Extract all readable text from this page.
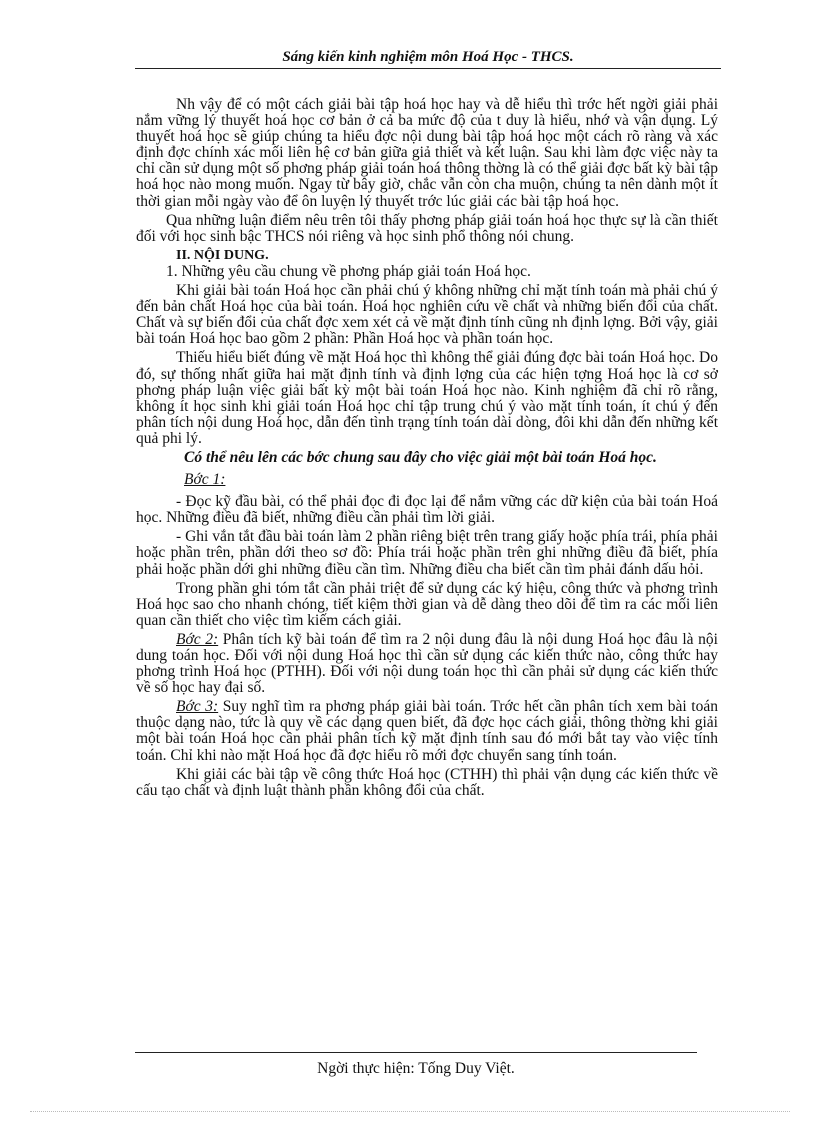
Sáng kiến kinh nghiệm môn Hoá Học - THCS.

Nh vậy để có một cách giải bài tập hoá học hay và dễ hiểu thì trớc hết ngời giải phải nắm vững lý thuyết hoá học cơ bản ở cả ba mức độ của t duy là hiểu, nhớ và vận dụng. Lý thuyết hoá học sẽ giúp chúng ta hiểu đợc nội dung bài tập hoá học một cách rõ ràng và xác định đợc chính xác mối liên hệ cơ bản giữa giả thiết và kết luận. Sau khi làm đợc việc này ta chỉ cần sử dụng một số phơng pháp giải toán hoá thông thờng là có thể giải đợc bất kỳ bài tập hoá học nào mong muốn. Ngay từ bây giờ, chắc vẫn còn cha muộn, chúng ta nên dành một ít thời gian mỗi ngày vào để ôn luyện lý thuyết trớc lúc giải các bài tập hoá học.

Qua những luận điểm nêu trên tôi thấy phơng pháp giải toán hoá học thực sự là cần thiết đối với học sinh bậc THCS nói riêng và học sinh phổ thông nói chung.

II. NỘI DUNG.

1. Những yêu cầu chung về phơng pháp giải toán Hoá học.

Khi giải bài toán Hoá học cần phải chú ý không những chỉ mặt tính toán mà phải chú ý đến bản chất Hoá học của bài toán. Hoá học nghiên cứu về chất và những biến đổi của chất. Chất và sự biến đổi của chất đợc xem xét cả về mặt định tính cũng nh định lợng. Bởi vậy, giải bài toán Hoá học bao gồm 2 phần: Phần Hoá học và phần toán học.

Thiếu hiểu biết đúng về mặt Hoá học thì không thể giải đúng đợc bài toán Hoá học. Do đó, sự thống nhất giữa hai mặt định tính và định lợng của các hiện tợng Hoá học là cơ sở phơng pháp luận việc giải bất kỳ một bài toán Hoá học nào. Kinh nghiệm đã chỉ rõ rằng, không ít học sinh khi giải toán Hoá học chỉ tập trung chú ý vào mặt tính toán, ít chú ý đến phân tích nội dung Hoá học, dẫn đến tình trạng tính toán dài dòng, đôi khi dẫn đến những kết quả phi lý.

Có thể nêu lên các bớc chung sau đây cho việc giải một bài toán Hoá học.

Bớc 1:

- Đọc kỹ đầu bài, có thể phải đọc đi đọc lại để nắm vững các dữ kiện của bài toán Hoá học. Những điều đã biết, những điều cần phải tìm lời giải.

- Ghi vắn tắt đầu bài toán làm 2 phần riêng biệt trên trang giấy hoặc phía trái, phía phải hoặc phần trên, phần dới theo sơ đồ: Phía trái hoặc phần trên ghi những điều đã biết, phía phải hoặc phần dới ghi những điều cần tìm. Những điều cha biết cần tìm phải đánh dấu hỏi.

Trong phần ghi tóm tắt cần phải triệt để sử dụng các ký hiệu, công thức và phơng trình Hoá học sao cho nhanh chóng, tiết kiệm thời gian và dễ dàng theo dõi để tìm ra các mối liên quan cần thiết cho việc tìm kiếm cách giải.

Bớc 2: Phân tích kỹ bài toán để tìm ra 2 nội dung đâu là nội dung Hoá học đâu là nội dung toán học. Đối với nội dung Hoá học thì cần sử dụng các kiến thức nào, công thức hay phơng trình Hoá học (PTHH). Đối với nội dung toán học thì cần phải sử dụng các kiến thức về số học hay đại số.

Bớc 3: Suy nghĩ tìm ra phơng pháp giải bài toán. Trớc hết cần phân tích xem bài toán thuộc dạng nào, tức là quy về các dạng quen biết, đã đợc học cách giải, thông thờng khi giải một bài toán Hoá học cần phải phân tích kỹ mặt định tính sau đó mới bắt tay vào việc tính toán. Chỉ khi nào mặt Hoá học đã đợc hiểu rõ mới đợc chuyển sang tính toán.

Khi giải các bài tập về công thức Hoá học (CTHH) thì phải vận dụng các kiến thức về cấu tạo chất và định luật thành phần không đổi của chất.

Ngời thực hiện: Tống Duy Việt.
